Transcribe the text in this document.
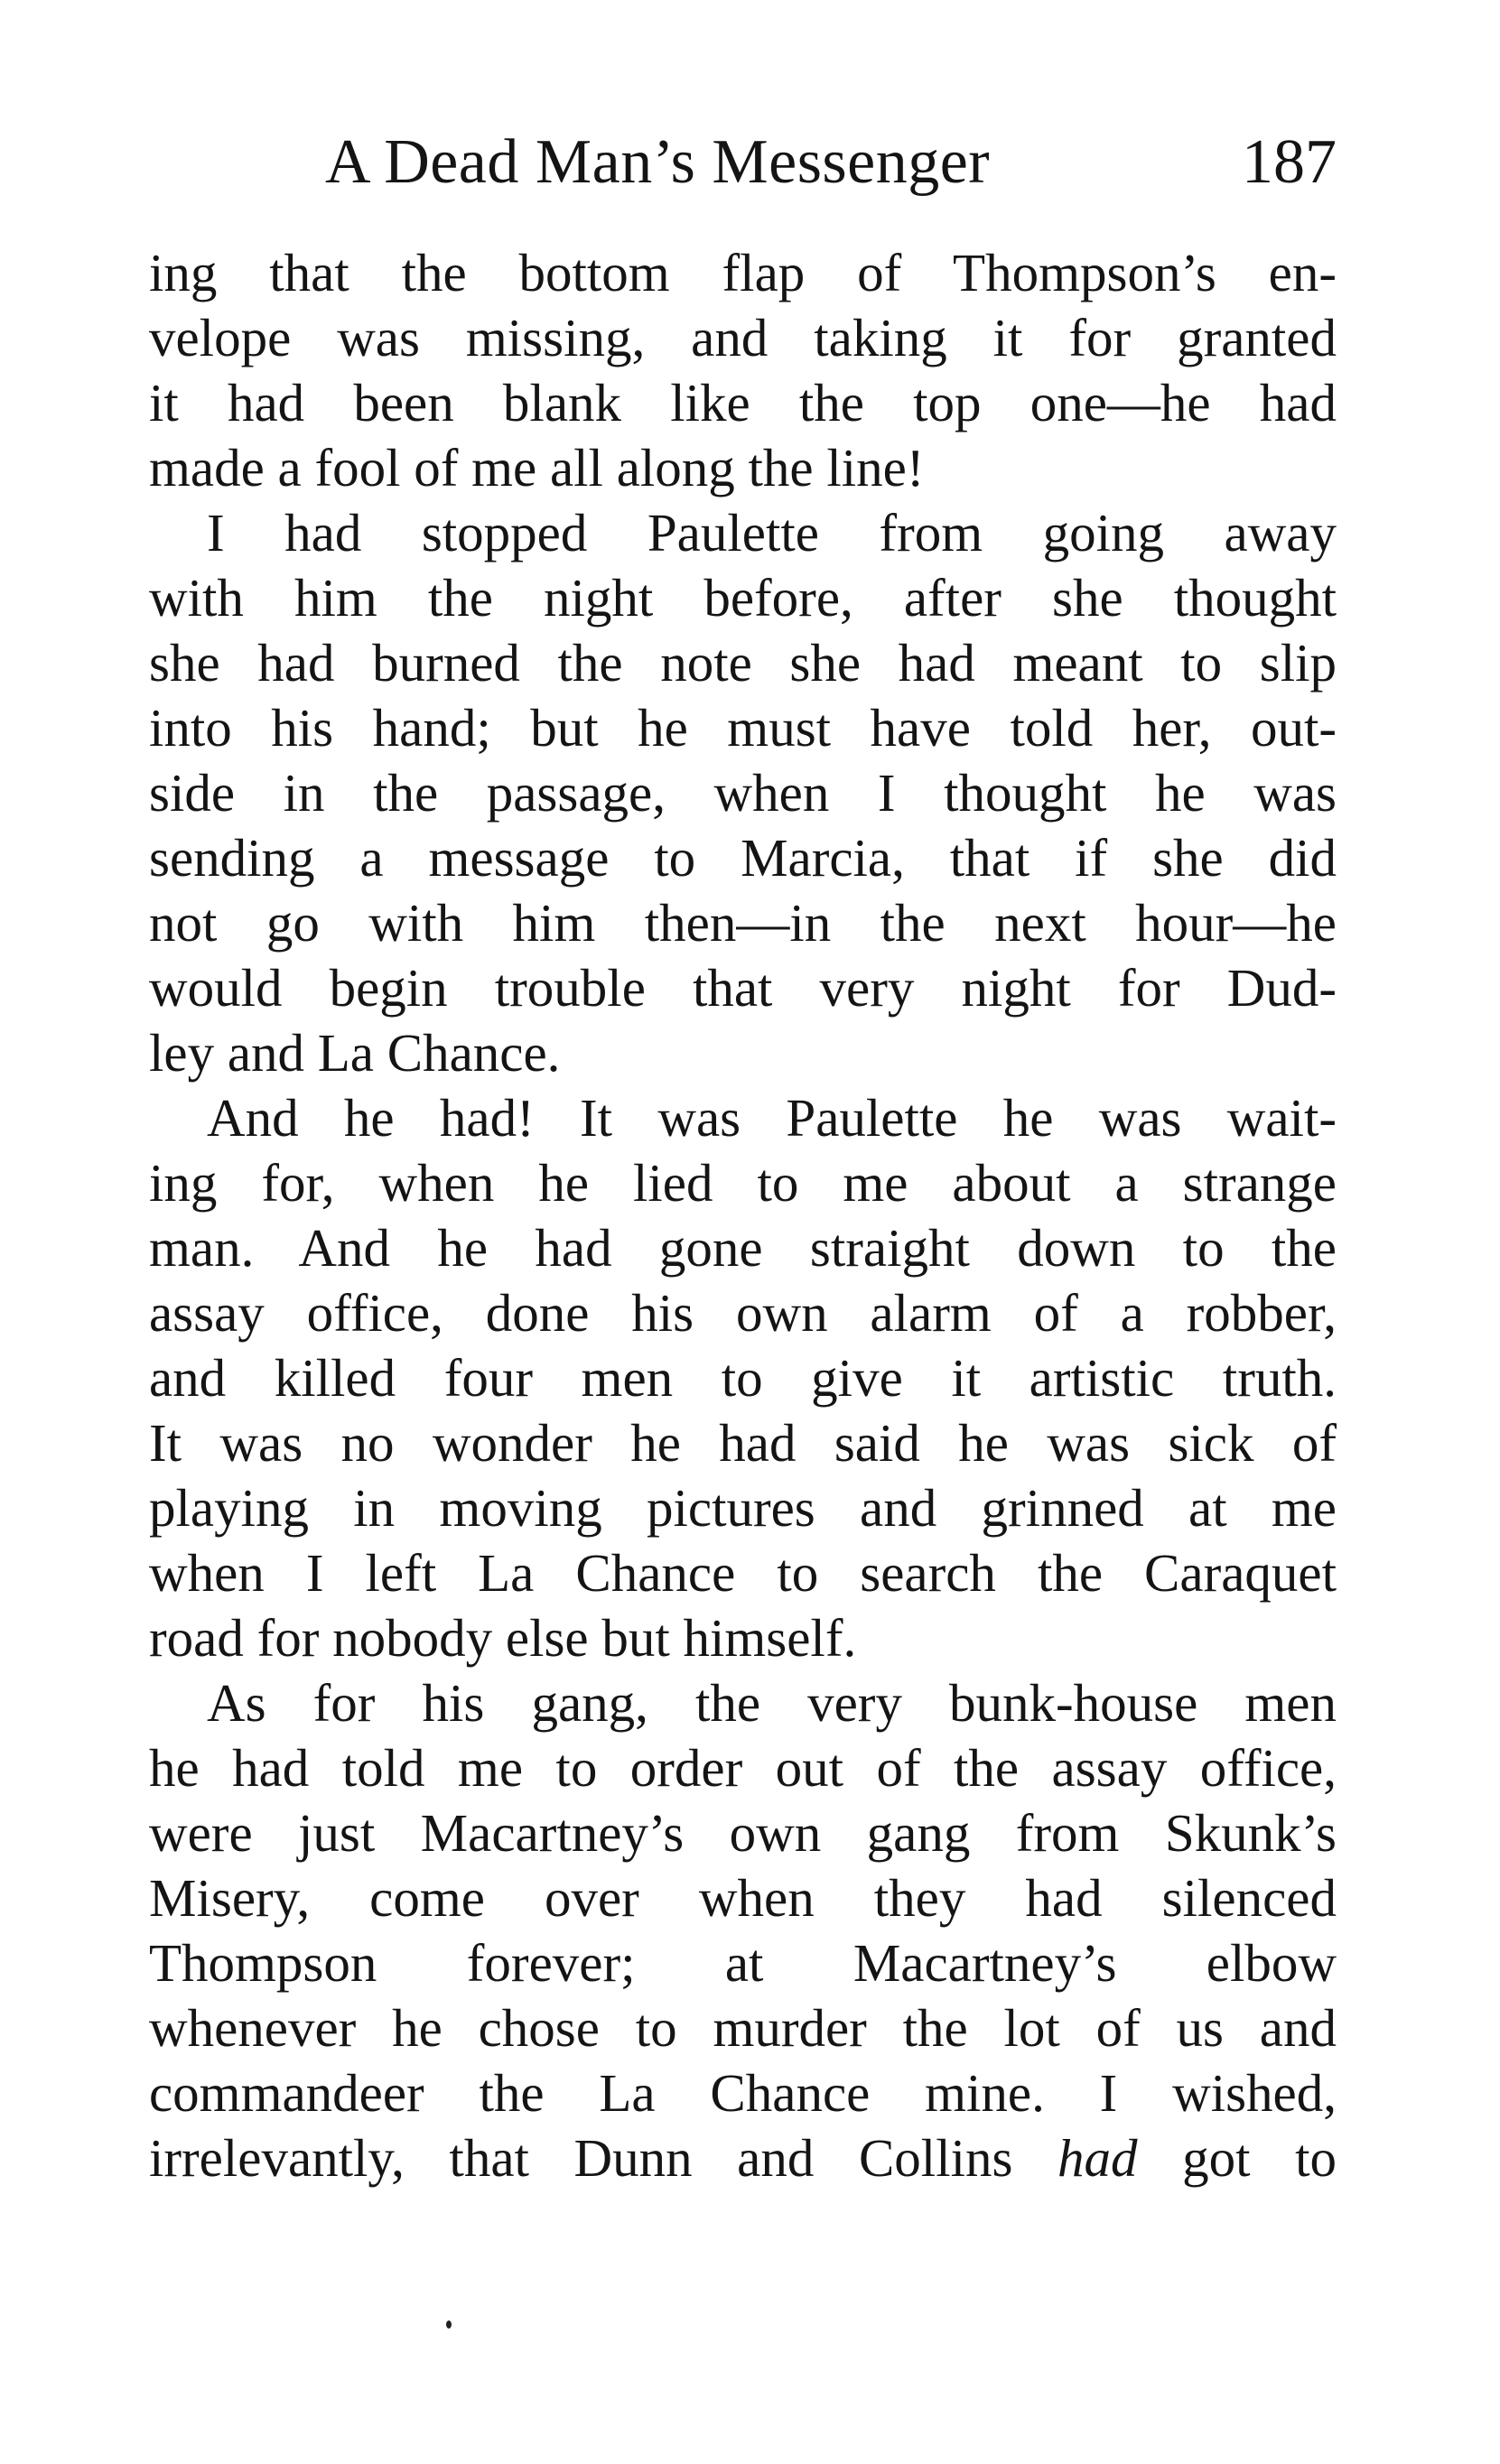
A Dead Man’s Messenger	187
ing that the bottom flap of Thompson’s en-
velope was missing, and taking it for granted
it had been blank like the top one—he had
made a fool of me all along the line!
I had stopped Paulette from going away
with him the night before, after she thought
she had burned the note she had meant to slip
into his hand; but he must have told her, out-
side in the passage, when I thought he was
sending a message to Marcia, that if she did
not go with him then—in the next hour—he
would begin trouble that very night for Dud-
ley and La Chance.
And he had! It was Paulette he was wait-
ing for, when he lied to me about a strange
man. And he had gone straight down to the
assay office, done his own alarm of a robber,
and killed four men to give it artistic truth.
It was no wonder he had said he was sick of
playing in moving pictures and grinned at me
when I left La Chance to search the Caraquet
road for nobody else but himself.
As for his gang, the very bunk-house men
he had told me to order out of the assay office,
were just Macartney’s own gang from Skunk’s
Misery, come over when they had silenced
Thompson forever; at Macartney’s elbow
whenever he chose to murder the lot of us and
commandeer the La Chance mine. I wished,
irrelevantly, that Dunn and Collins had got to
